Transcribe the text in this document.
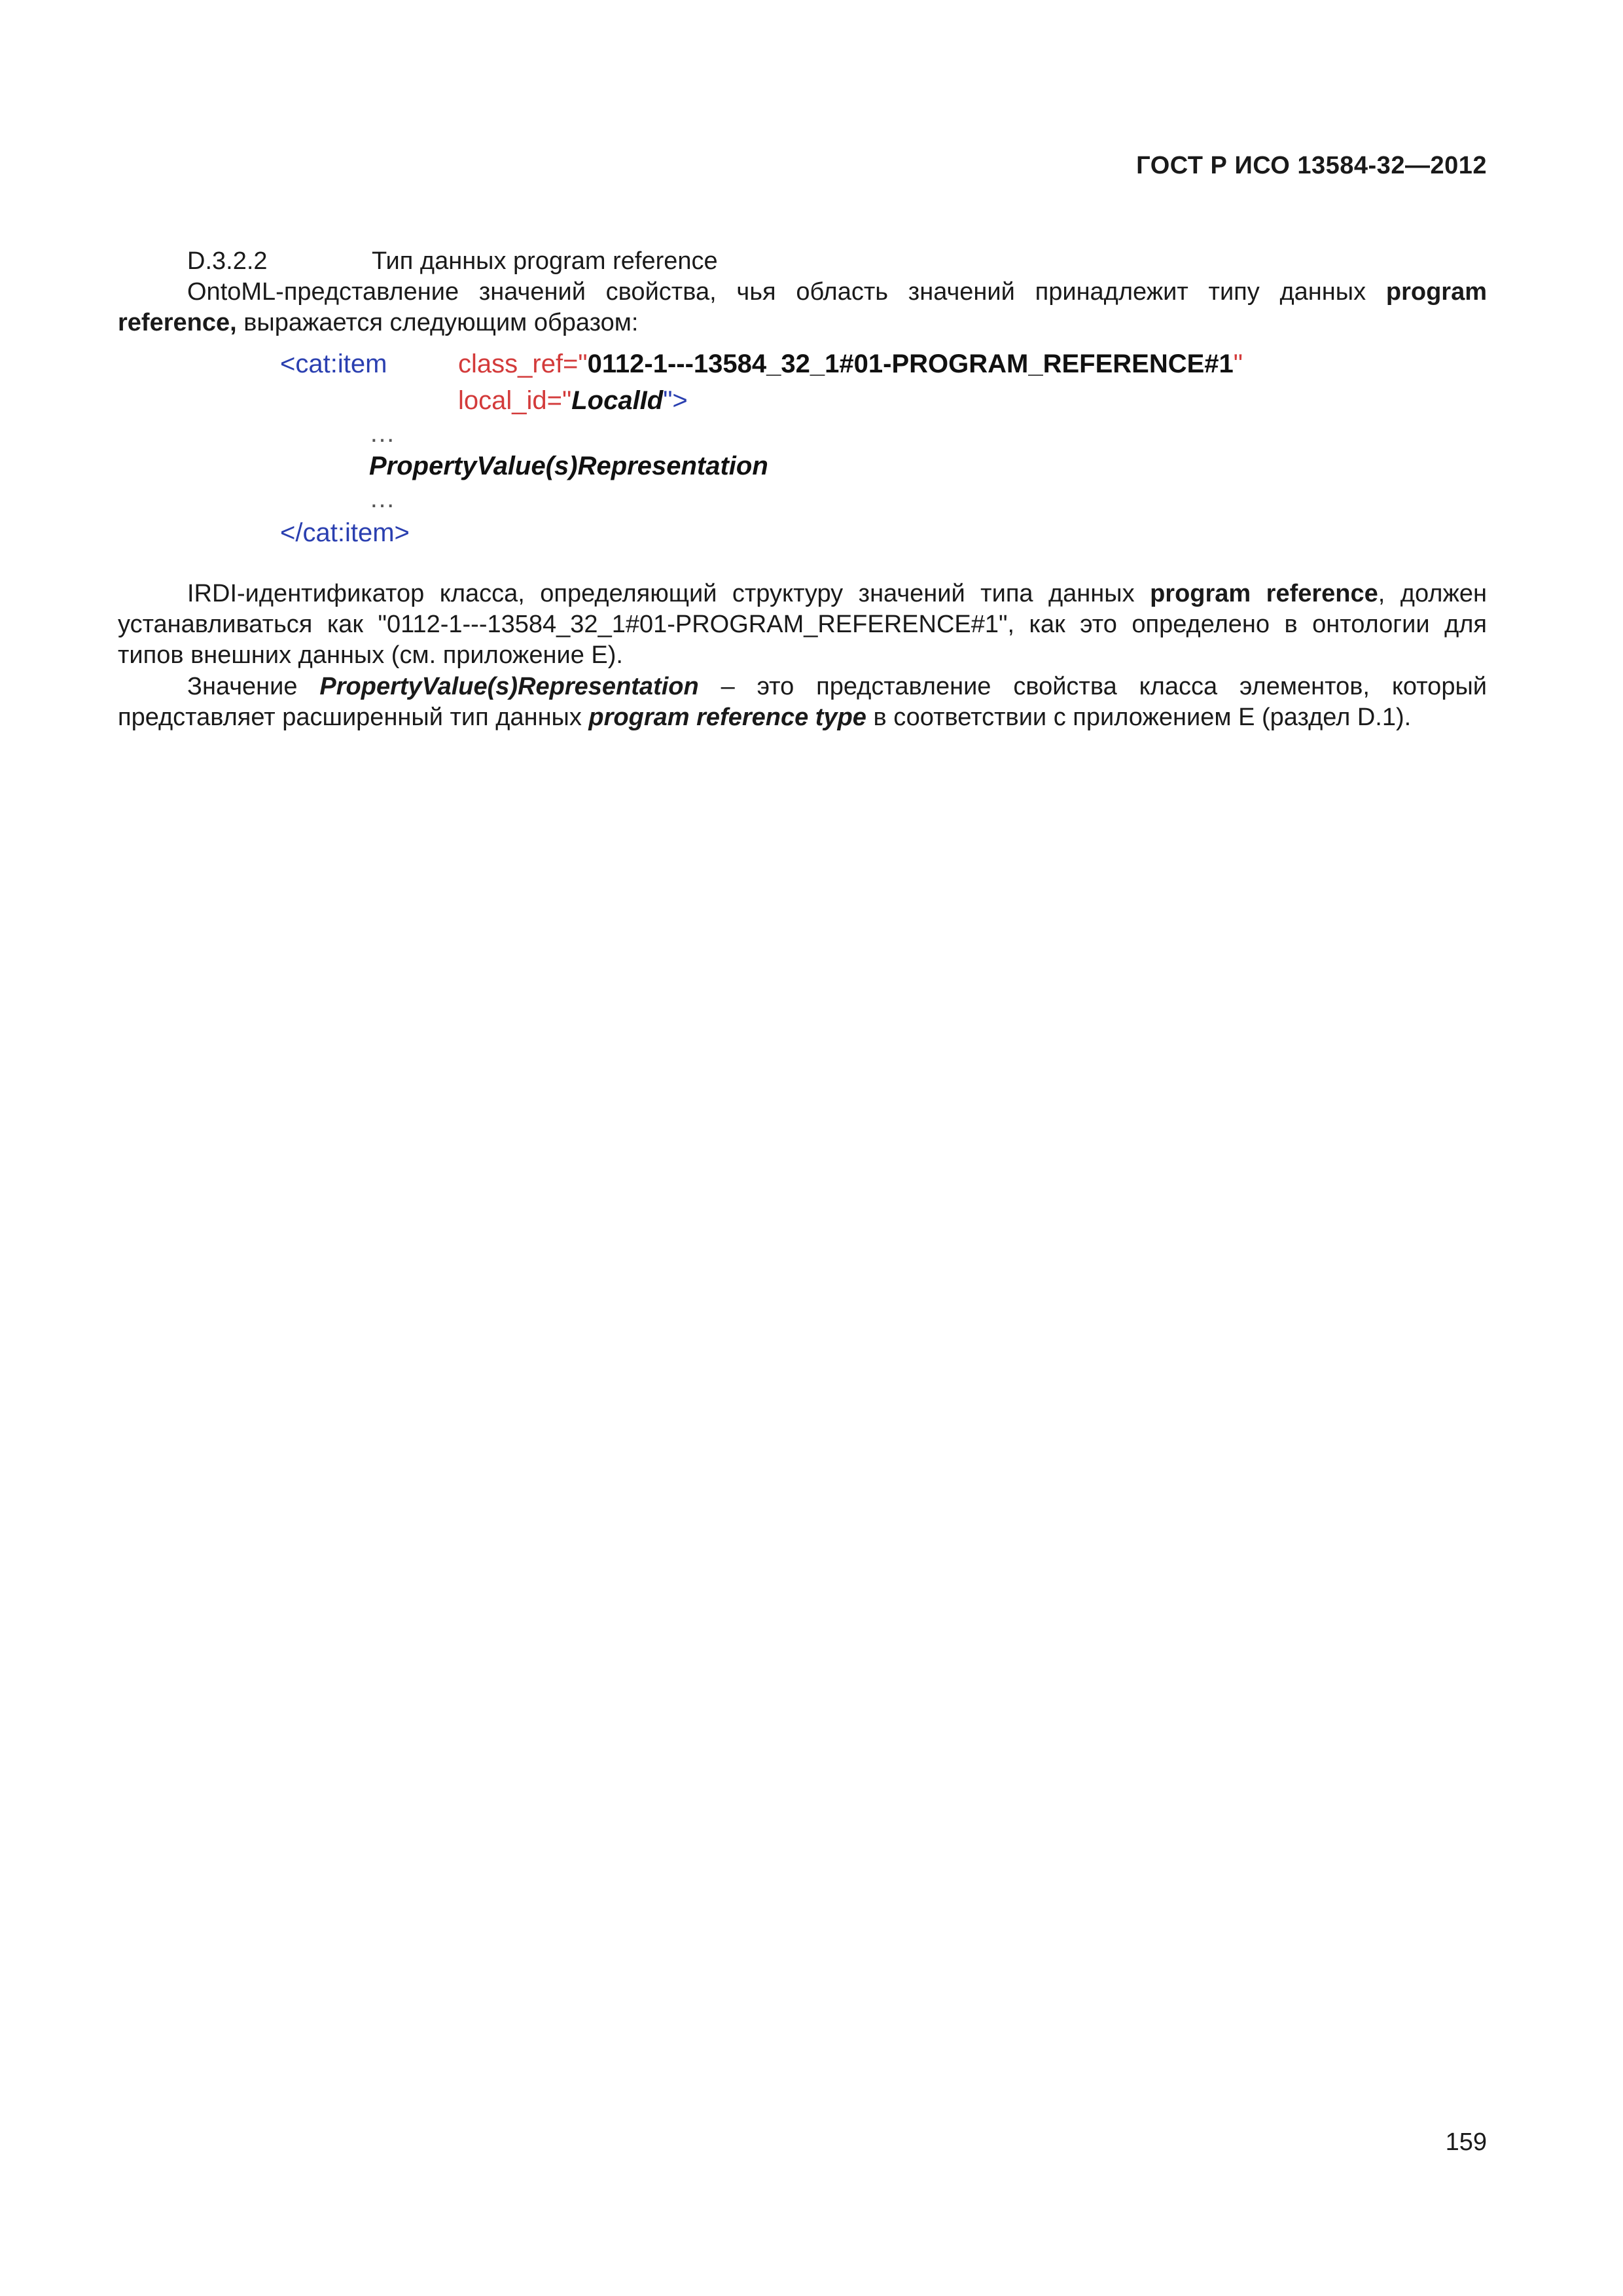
ГОСТ Р ИСО 13584-32—2012
D.3.2.2	Тип данных program reference
OntoML-представление значений свойства, чья область значений принадлежит типу данных program reference, выражается следующим образом:
<cat:item	class_ref="0112-1---13584_32_1#01-PROGRAM_REFERENCE#1"
local_id="LocalId">
…
PropertyValue(s)Representation
…
</cat:item>
IRDI-идентификатор класса, определяющий структуру значений типа данных program reference, должен устанавливаться как "0112-1---13584_32_1#01-PROGRAM_REFERENCE#1", как это определено в онтологии для типов внешних данных (см. приложение Е).
Значение PropertyValue(s)Representation – это представление свойства класса элементов, который представляет расширенный тип данных program reference type в соответствии с приложением Е (раздел D.1).
159
